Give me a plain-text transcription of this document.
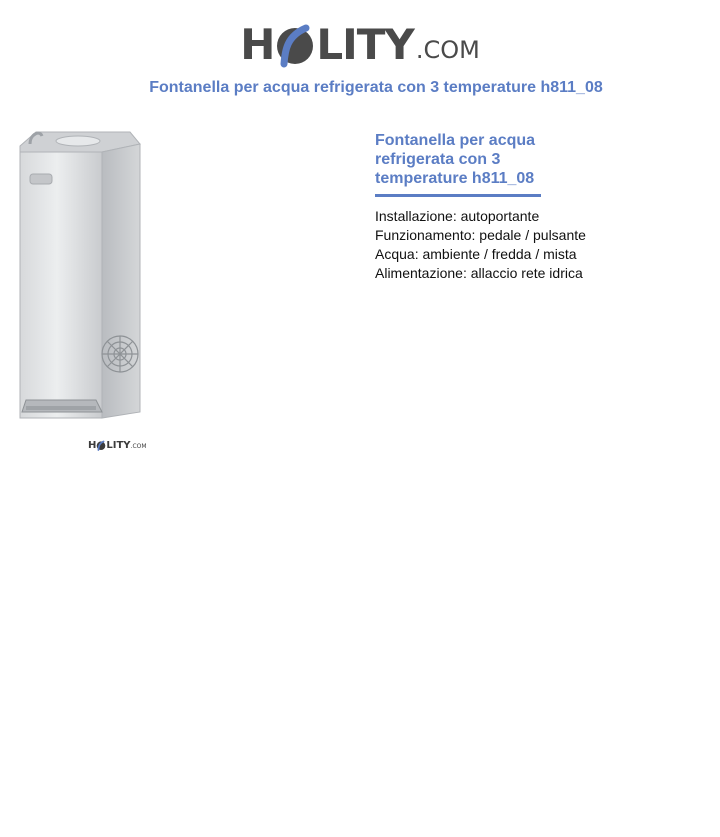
H LITY .COM
Fontanella per acqua refrigerata con 3 temperature h811_08
H LITY .COM
Fontanella per acqua refrigerata con 3 temperature h811_08
Installazione: autoportante
Funzionamento: pedale / pulsante
Acqua: ambiente / fredda / mista
Alimentazione: allaccio rete idrica
